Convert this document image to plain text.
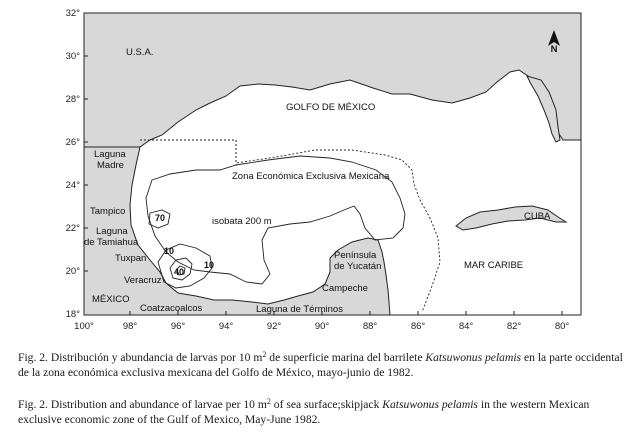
N
32°
30°
28°
26°
24°
22°
20°
18°
100°	98°	96°	94°	92°	90°	88°	86°	84°	82°	80°
U.S.A.
GOLFO DE MÉXICO
Zona Económica Exclusiva Mexicana
isobata 200 m
Laguna
Madre
Tampico
Laguna
de Tamiahua
Tuxpan
Veracruz
MÉXICO
Coatzacoalcos	Laguna de Términos
Península
de Yucatán
Campeche
CUBA
MAR CARIBE
70
10
40
10
Fig. 2. Distribución y abundancia de larvas por 10 $m^2$ de superficie marina del barrilete Katsuwonus pelamis en la parte occidental de la zona económica exclusiva mexicana del Golfo de México, mayo-junio de 1982.
Fig. 2. Distribution and abundance of larvae per 10 $m^2$ of sea surface;skipjack Katsuwonus pelamis in the western Mexican exclusive economic zone of the Gulf of Mexico, May-June 1982.
